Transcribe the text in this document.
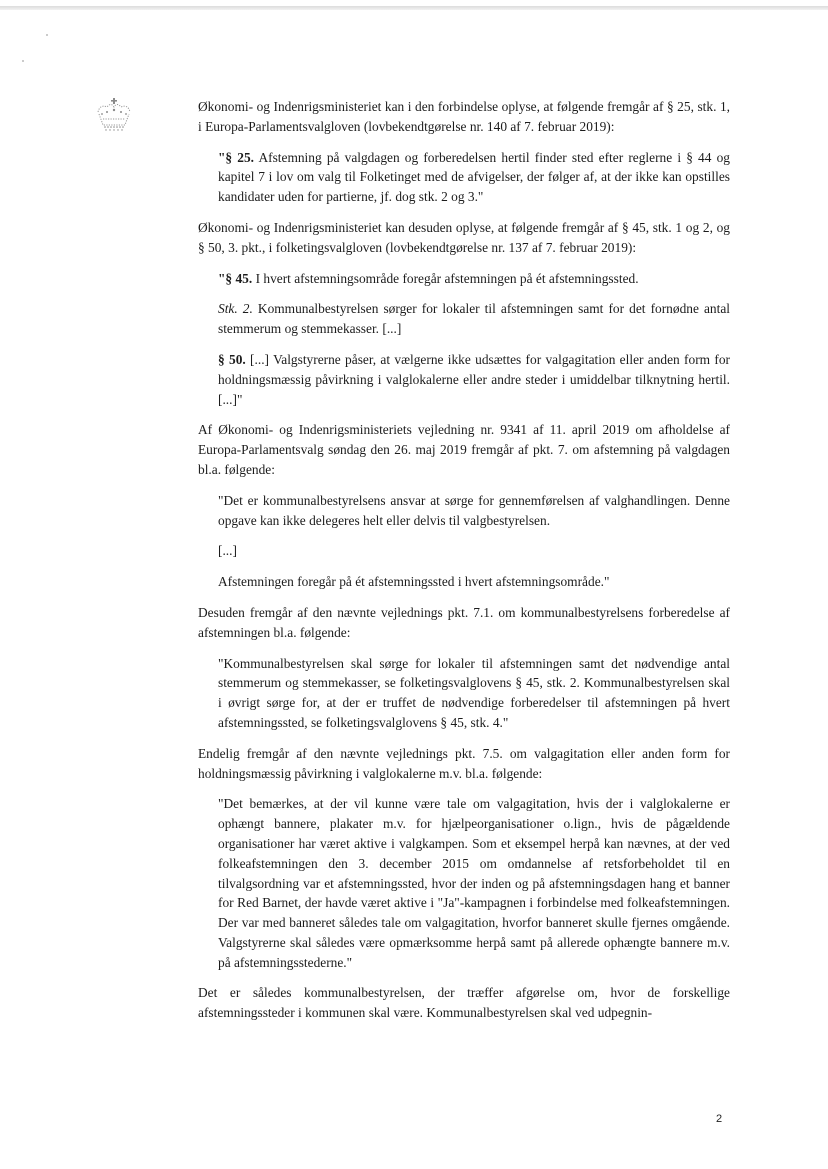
Økonomi- og Indenrigsministeriet kan i den forbindelse oplyse, at følgende fremgår af § 25, stk. 1, i Europa-Parlamentsvalgloven (lovbekendtgørelse nr. 140 af 7. februar 2019):

"§ 25. Afstemning på valgdagen og forberedelsen hertil finder sted efter reglerne i § 44 og kapitel 7 i lov om valg til Folketinget med de afvigelser, der følger af, at der ikke kan opstilles kandidater uden for partierne, jf. dog stk. 2 og 3."

Økonomi- og Indenrigsministeriet kan desuden oplyse, at følgende fremgår af § 45, stk. 1 og 2, og § 50, 3. pkt., i folketingsvalgloven (lovbekendtgørelse nr. 137 af 7. februar 2019):

"§ 45. I hvert afstemningsområde foregår afstemningen på ét afstemningssted.

Stk. 2. Kommunalbestyrelsen sørger for lokaler til afstemningen samt for det fornødne antal stemmerum og stemmekasser. [...]

§ 50. [...] Valgstyrerne påser, at vælgerne ikke udsættes for valgagitation eller anden form for holdningsmæssig påvirkning i valglokalerne eller andre steder i umiddelbar tilknytning hertil. [...]"

Af Økonomi- og Indenrigsministeriets vejledning nr. 9341 af 11. april 2019 om afholdelse af Europa-Parlamentsvalg søndag den 26. maj 2019 fremgår af pkt. 7. om afstemning på valgdagen bl.a. følgende:

"Det er kommunalbestyrelsens ansvar at sørge for gennemførelsen af valghandlingen. Denne opgave kan ikke delegeres helt eller delvis til valgbestyrelsen.

[...]

Afstemningen foregår på ét afstemningssted i hvert afstemningsområde."

Desuden fremgår af den nævnte vejlednings pkt. 7.1. om kommunalbestyrelsens forberedelse af afstemningen bl.a. følgende:

"Kommunalbestyrelsen skal sørge for lokaler til afstemningen samt det nødvendige antal stemmerum og stemmekasser, se folketingsvalglovens § 45, stk. 2. Kommunalbestyrelsen skal i øvrigt sørge for, at der er truffet de nødvendige forberedelser til afstemningen på hvert afstemningssted, se folketingsvalglovens § 45, stk. 4."

Endelig fremgår af den nævnte vejlednings pkt. 7.5. om valgagitation eller anden form for holdningsmæssig påvirkning i valglokalerne m.v. bl.a. følgende:

"Det bemærkes, at der vil kunne være tale om valgagitation, hvis der i valglokalerne er ophængt bannere, plakater m.v. for hjælpeorganisationer o.lign., hvis de pågældende organisationer har været aktive i valgkampen. Som et eksempel herpå kan nævnes, at der ved folkeafstemningen den 3. december 2015 om omdannelse af retsforbeholdet til en tilvalgsordning var et afstemningssted, hvor der inden og på afstemningsdagen hang et banner for Red Barnet, der havde været aktive i "Ja"-kampagnen i forbindelse med folkeafstemningen. Der var med banneret således tale om valgagitation, hvorfor banneret skulle fjernes omgående. Valgstyrerne skal således være opmærksomme herpå samt på allerede ophængte bannere m.v. på afstemningsstederne."

Det er således kommunalbestyrelsen, der træffer afgørelse om, hvor de forskellige afstemningssteder i kommunen skal være. Kommunalbestyrelsen skal ved udpegnin-

2
